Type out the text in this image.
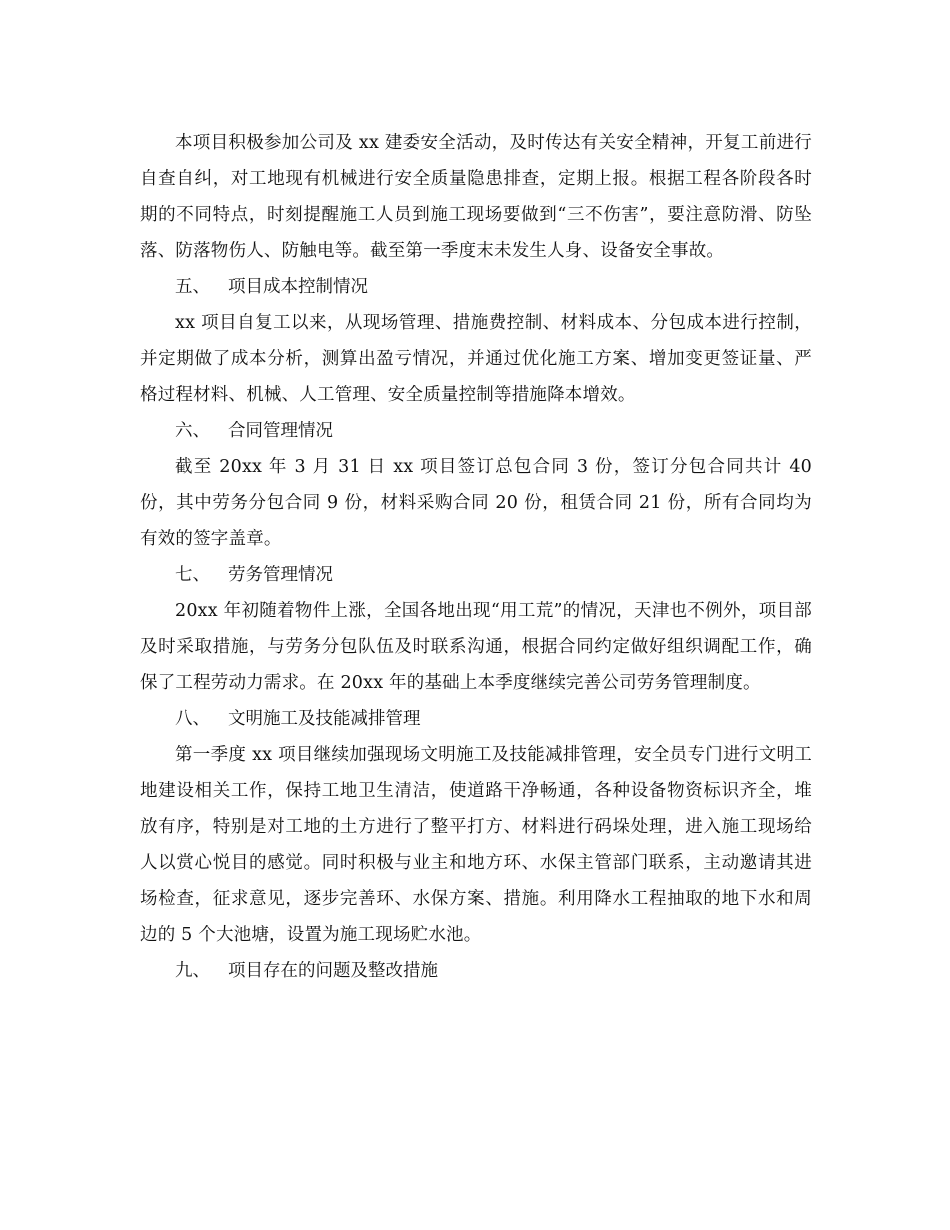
本项目积极参加公司及 xx 建委安全活动，及时传达有关安全精神，开复工前进行自查自纠，对工地现有机械进行安全质量隐患排查，定期上报。根据工程各阶段各时期的不同特点，时刻提醒施工人员到施工现场要做到“三不伤害”，要注意防滑、防坠落、防落物伤人、防触电等。截至第一季度末未发生人身、设备安全事故。

五、 项目成本控制情况

xx 项目自复工以来，从现场管理、措施费控制、材料成本、分包成本进行控制，并定期做了成本分析，测算出盈亏情况，并通过优化施工方案、增加变更签证量、严格过程材料、机械、人工管理、安全质量控制等措施降本增效。

六、 合同管理情况

截至 20xx 年 3 月 31 日 xx 项目签订总包合同 3 份，签订分包合同共计 40 份，其中劳务分包合同 9 份，材料采购合同 20 份，租赁合同 21 份，所有合同均为有效的签字盖章。

七、 劳务管理情况

20xx 年初随着物件上涨，全国各地出现“用工荒”的情况，天津也不例外，项目部及时采取措施，与劳务分包队伍及时联系沟通，根据合同约定做好组织调配工作，确保了工程劳动力需求。在 20xx 年的基础上本季度继续完善公司劳务管理制度。

八、 文明施工及技能减排管理

第一季度 xx 项目继续加强现场文明施工及技能减排管理，安全员专门进行文明工地建设相关工作，保持工地卫生清洁，使道路干净畅通，各种设备物资标识齐全，堆放有序，特别是对工地的土方进行了整平打方、材料进行码垛处理，进入施工现场给人以赏心悦目的感觉。同时积极与业主和地方环、水保主管部门联系，主动邀请其进场检查，征求意见，逐步完善环、水保方案、措施。利用降水工程抽取的地下水和周边的 5 个大池塘，设置为施工现场贮水池。

九、 项目存在的问题及整改措施
